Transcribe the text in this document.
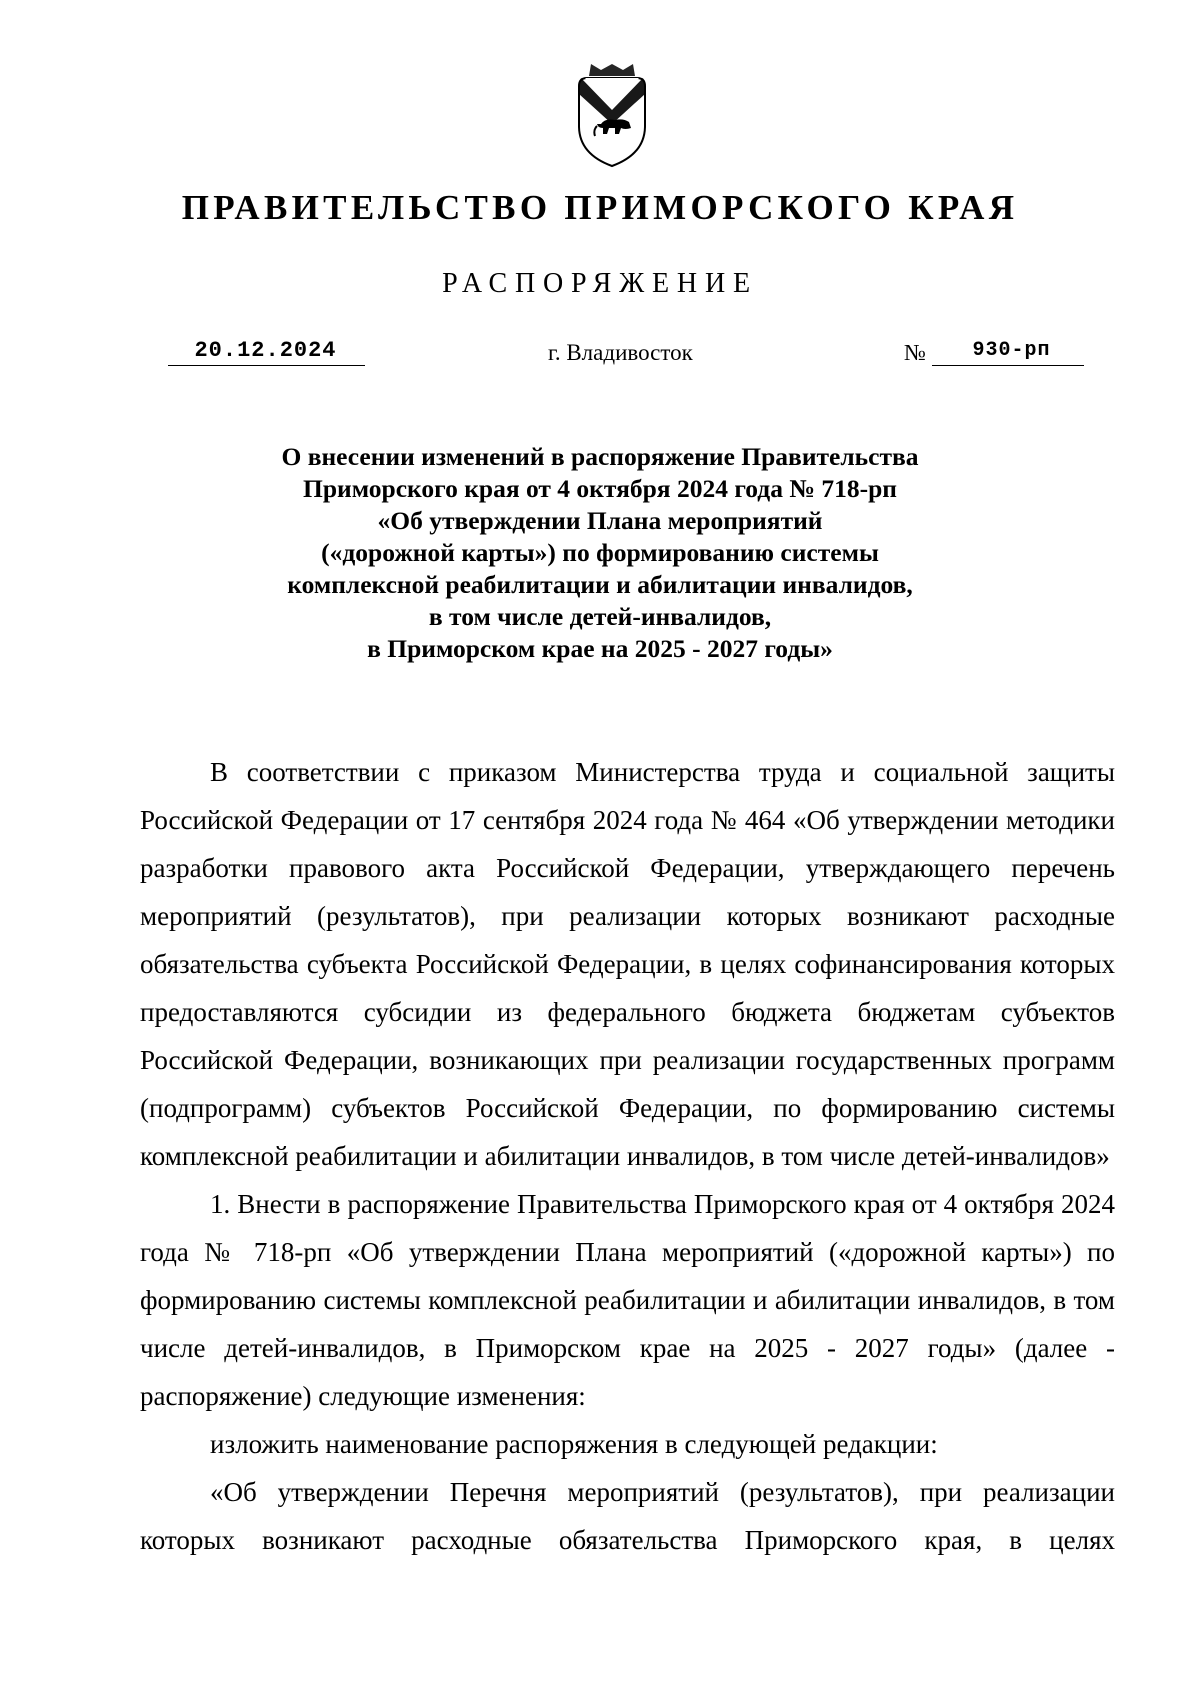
ПРАВИТЕЛЬСТВО ПРИМОРСКОГО КРАЯ
РАСПОРЯЖЕНИЕ
20.12.2024	г. Владивосток	№	930-рп
О внесении изменений в распоряжение Правительства
Приморского края от 4 октября 2024 года № 718-рп
«Об утверждении Плана мероприятий
(«дорожной карты») по формированию системы
комплексной реабилитации и абилитации инвалидов,
в том числе детей-инвалидов,
в Приморском крае на 2025 - 2027 годы»

В соответствии с приказом Министерства труда и социальной защиты Российской Федерации от 17 сентября 2024 года № 464 «Об утверждении методики разработки правового акта Российской Федерации, утверждающего перечень мероприятий (результатов), при реализации которых возникают расходные обязательства субъекта Российской Федерации, в целях софинансирования которых предоставляются субсидии из федерального бюджета бюджетам субъектов Российской Федерации, возникающих при реализации государственных программ (подпрограмм) субъектов Российской Федерации, по формированию системы комплексной реабилитации и абилитации инвалидов, в том числе детей-инвалидов»

1. Внести в распоряжение Правительства Приморского края от 4 октября 2024 года № 718-рп «Об утверждении Плана мероприятий («дорожной карты») по формированию системы комплексной реабилитации и абилитации инвалидов, в том числе детей-инвалидов, в Приморском крае на 2025 - 2027 годы» (далее - распоряжение) следующие изменения:

изложить наименование распоряжения в следующей редакции:

«Об утверждении Перечня мероприятий (результатов), при реализации которых возникают расходные обязательства Приморского края, в целях
